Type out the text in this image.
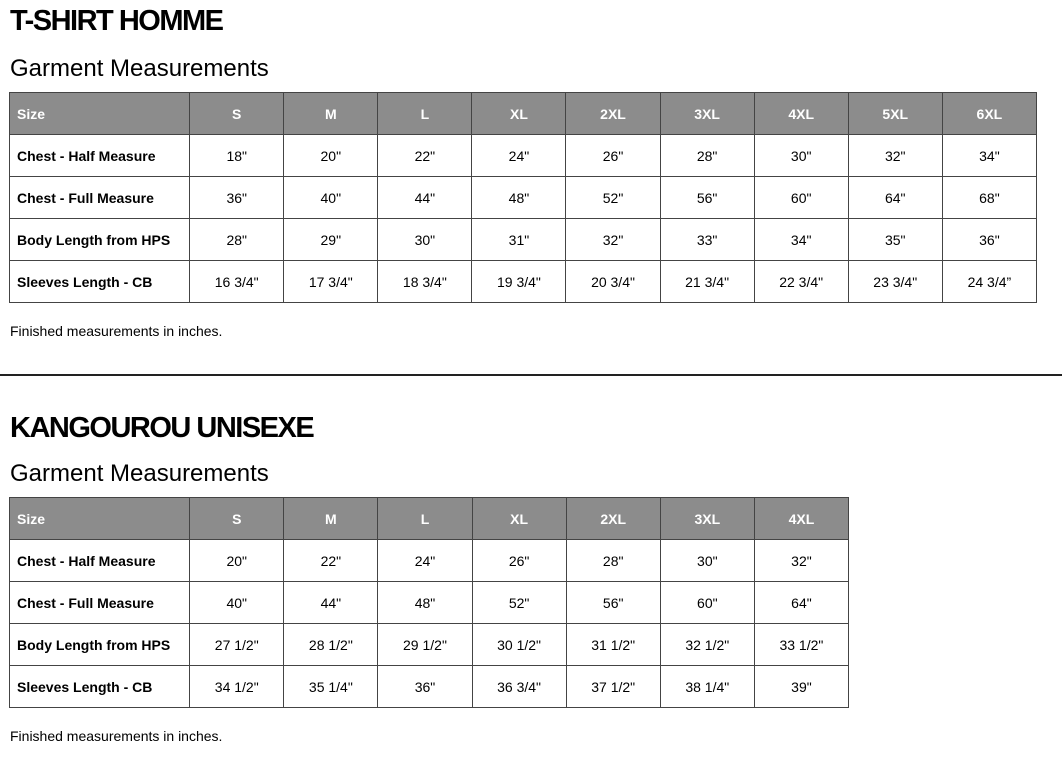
T-SHIRT HOMME
Garment Measurements
Size	S	M	L	XL	2XL	3XL	4XL	5XL	6XL
Chest - Half Measure	18"	20"	22"	24"	26"	28"	30"	32"	34"
Chest - Full Measure	36"	40"	44"	48"	52"	56"	60"	64"	68"
Body Length from HPS	28"	29"	30"	31"	32"	33"	34"	35"	36"
Sleeves Length - CB	16 3/4"	17 3/4"	18 3/4"	19 3/4"	20 3/4"	21 3/4"	22 3/4"	23 3/4"	24 3/4”

Finished measurements in inches.

KANGOUROU UNISEXE
Garment Measurements
Size	S	M	L	XL	2XL	3XL	4XL
Chest - Half Measure	20"	22"	24"	26"	28"	30"	32"
Chest - Full Measure	40"	44"	48"	52"	56"	60"	64"
Body Length from HPS	27 1/2"	28 1/2"	29 1/2"	30 1/2"	31 1/2"	32 1/2"	33 1/2"
Sleeves Length - CB	34 1/2"	35 1/4"	36"	36 3/4"	37 1/2"	38 1/4"	39"

Finished measurements in inches.
